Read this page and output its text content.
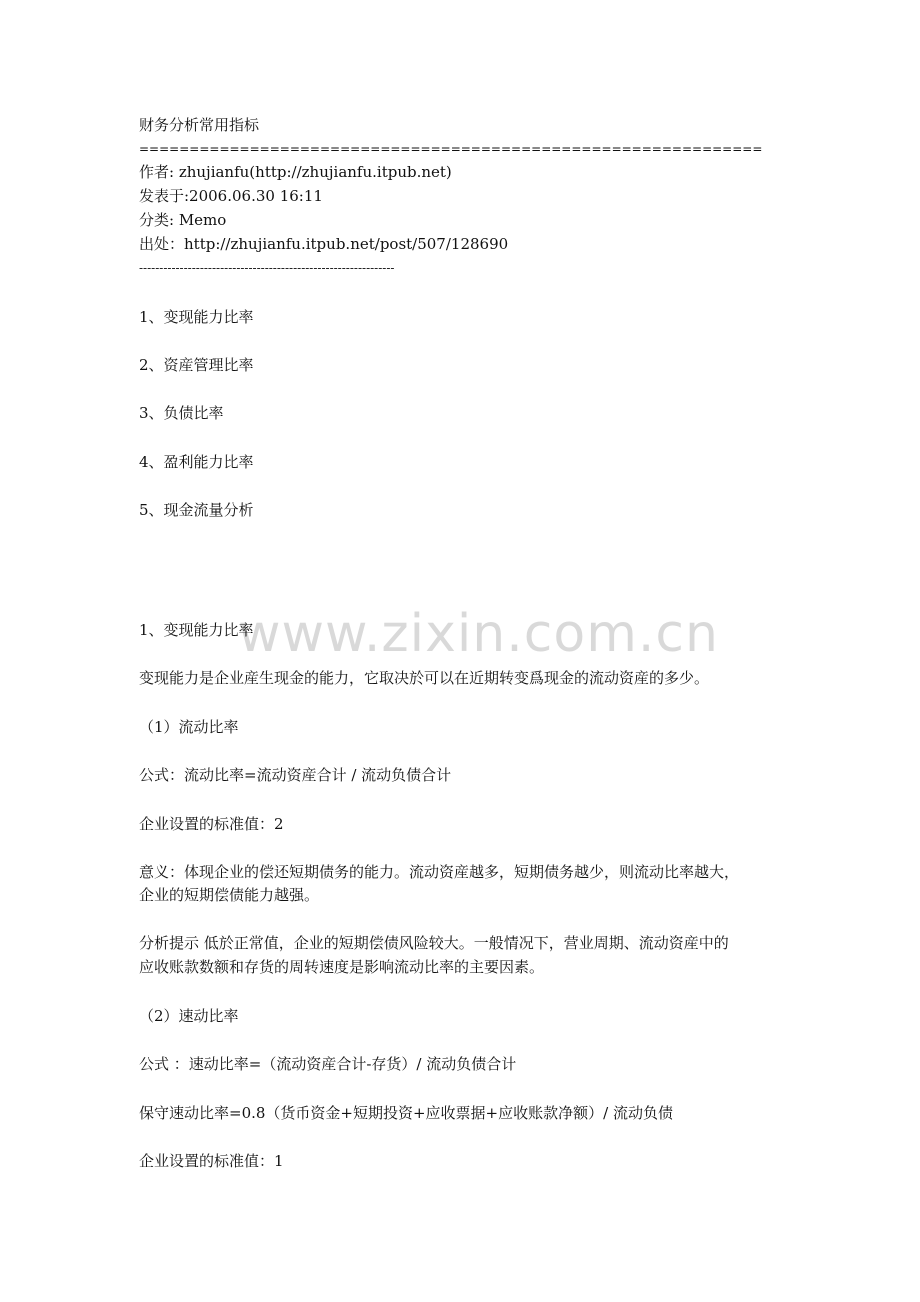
财务分析常用指标
==============================================================
作者: zhujianfu(http://zhujianfu.itpub.net)
发表于:2006.06.30 16:11
分类: Memo
出处：http://zhujianfu.itpub.net/post/507/128690
---------------------------------------------------------------
1、变现能力比率
2、资産管理比率
3、负债比率
4、盈利能力比率
5、现金流量分析
www.zixin.com.cn
1、变现能力比率
变现能力是企业産生现金的能力，它取决於可以在近期转变爲现金的流动资産的多少。
（1）流动比率
公式：流动比率=流动资産合计 / 流动负债合计
企业设置的标准值：2
意义：体现企业的偿还短期债务的能力。流动资産越多，短期债务越少，则流动比率越大，
企业的短期偿债能力越强。
分析提示 低於正常值，企业的短期偿债风险较大。一般情况下，营业周期、流动资産中的
应收账款数额和存货的周转速度是影响流动比率的主要因素。
（2）速动比率
公式 ：速动比率=（流动资産合计-存货）/ 流动负债合计
保守速动比率=0.8（货币资金+短期投资+应收票据+应收账款净额）/ 流动负债
企业设置的标准值：1
